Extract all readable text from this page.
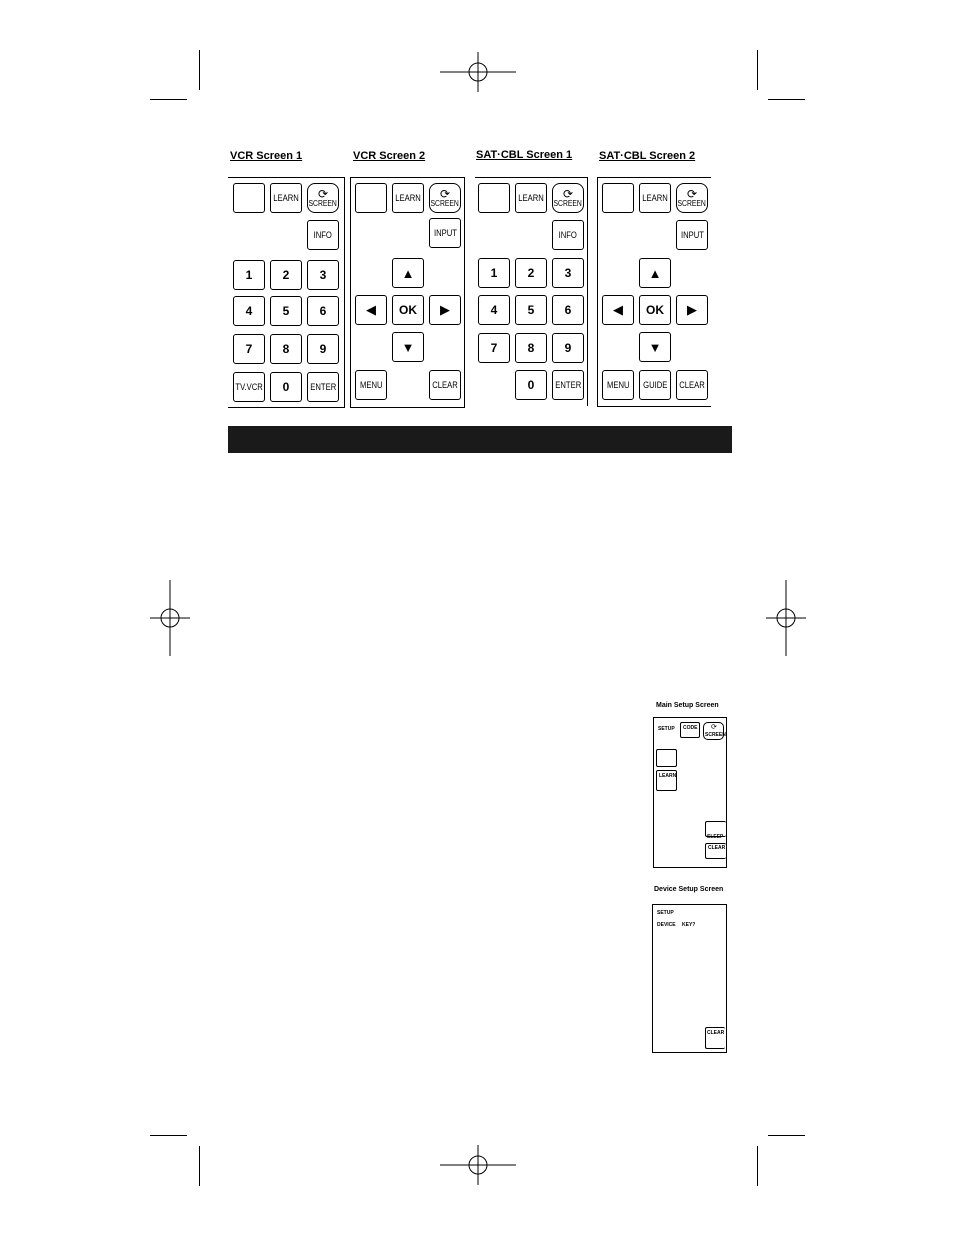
VCR Screen 1
LEARN ⟳
SCREEN
INFO
1	2	3
4	5	6
7	8	9
TV.VCR 0 ENTER
VCR Screen 2
LEARN ⟳
SCREEN
INPUT
▲
◀ OK ▶
▼
MENU	CLEAR
SAT·CBL Screen 1
LEARN ⟳
SCREEN
INFO
1	2	3
4	5	6
7	8	9
0 ENTER
SAT·CBL Screen 2
LEARN ⟳
SCREEN
INPUT
▲
◀ OK ▶
▼
MENU GUIDE CLEAR
Main Setup Screen
SETUP CODE ⟳
SCREEN
LEARN
SLEEP
CLEAR
Device Setup Screen
SETUP
DEVICE KEY?
CLEAR
